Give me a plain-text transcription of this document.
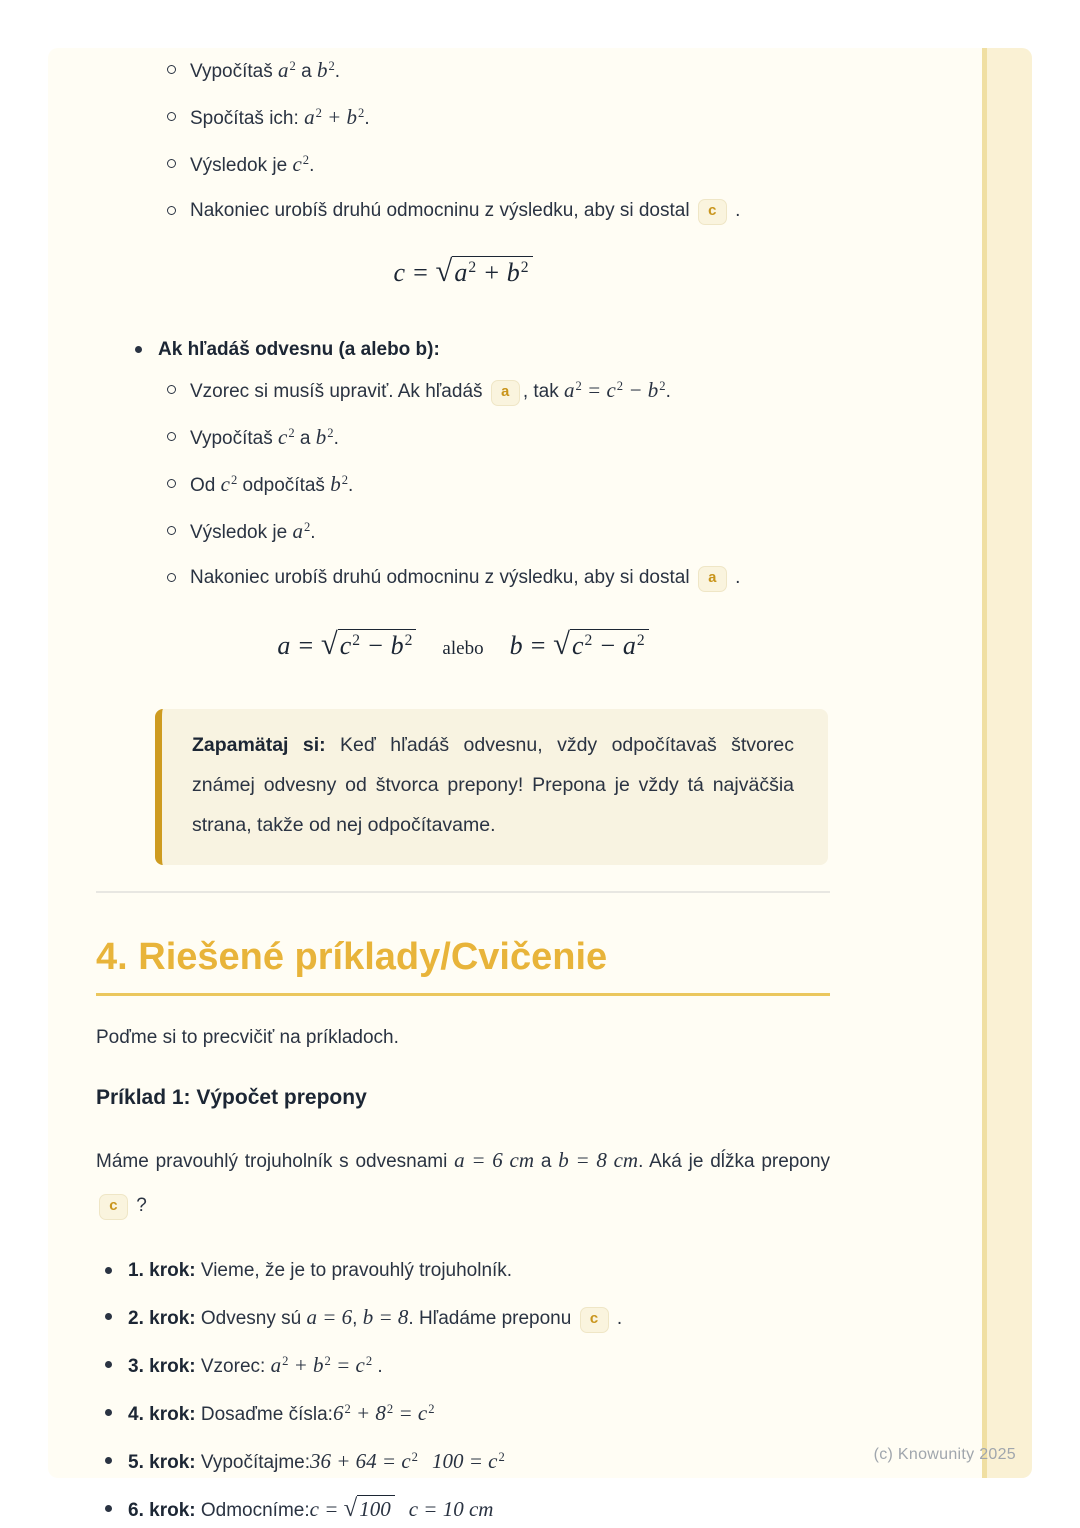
Vypočítaš $a^2$ a $b^2$.
Spočítaš ich: $a^2 + b^2$.
Výsledok je $c^2$.
Nakoniec urobíš druhú odmocninu z výsledku, aby si dostal c .
$c = √a^2 + b^2$
Ak hľadáš odvesnu (a alebo b):
Vzorec si musíš upraviť. Ak hľadáš a , tak $a^2 = c^2 - b^2$.
Vypočítaš $c^2$ a $b^2$.
Od $c^2$ odpočítaš $b^2$.
Výsledok je $a^2$.
Nakoniec urobíš druhú odmocninu z výsledku, aby si dostal a .
$a = √c^2 - b^2$ alebo $b = √c^2 - a^2$
Zapamätaj si: Keď hľadáš odvesnu, vždy odpočítavaš štvorec známej odvesny od štvorca prepony! Prepona je vždy tá najväčšia strana, takže od nej odpočítavame.
4. Riešené príklady/Cvičenie

Poďme si to precvičiť na príkladoch.

Príklad 1: Výpočet prepony

Máme pravouhlý trojuholník s odvesnami a = 6 cm a b = 8 cm. Aká je dĺžka prepony c ?

1. krok: Vieme, že je to pravouhlý trojuholník.
2. krok: Odvesny sú a = 6, b = 8. Hľadáme preponu c .
3. krok: Vzorec: $a^2 + b^2 = c^2$ .
4. krok: Dosaďme $čísla:6^2 + 8^2 = c^2$
5. krok: Vypočítajme:36 + $64 = c^2$ $100 = c^2$
6. krok: Odmocníme:c = √100 c = 10 cm
(c) Knowunity 2025
